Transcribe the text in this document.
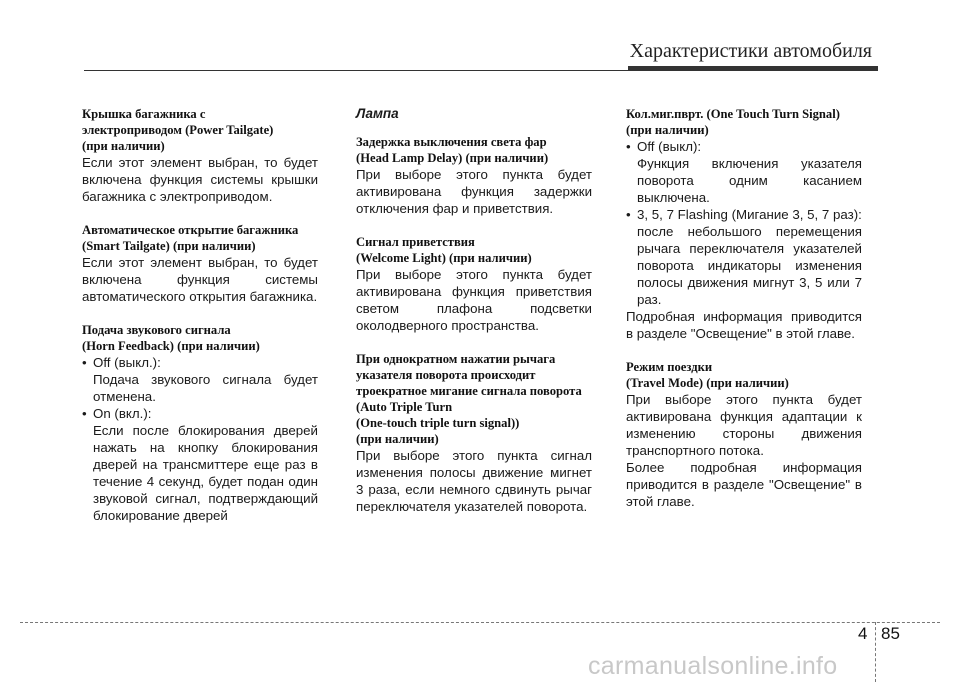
Характеристики автомобиля

Крышка багажника с
электроприводом (Power Tailgate)
(при наличии)

Если этот элемент выбран, то будет включена функция системы крышки багажника с электроприводом.

Автоматическое открытие багажника
(Smart Tailgate) (при наличии)

Если этот элемент выбран, то будет включена функция системы автоматического открытия багажника.

Подача звукового сигнала
(Horn Feedback) (при наличии)

• Off (выкл.):

Подача звукового сигнала будет отменена.

• On (вкл.):

Если после блокирования дверей нажать на кнопку блокирования дверей на трансмиттере еще раз в течение 4 секунд, будет подан один звуковой сигнал, подтверждающий блокирование дверей

Лампа

Задержка выключения света фар
(Head Lamp Delay) (при наличии)

При выборе этого пункта будет активирована функция задержки отключения фар и приветствия.

Сигнал приветствия
(Welcome Light) (при наличии)

При выборе этого пункта будет активирована функция приветствия светом плафона подсветки околодверного пространства.

При однократном нажатии рычага
указателя поворота происходит
троекратное мигание сигнала поворота
(Auto Triple Turn
(One-touch triple turn signal))
(при наличии)

При выборе этого пункта сигнал изменения полосы движение мигнет 3 раза, если немного сдвинуть рычаг переключателя указателей поворота.

Кол.миг.пврт. (One Touch Turn Signal)
(при наличии)

• Off (выкл):

Функция включения указателя поворота одним касанием выключена.

• 3, 5, 7 Flashing (Мигание 3, 5, 7 раз):

после небольшого перемещения рычага переключателя указателей поворота индикаторы изменения полосы движения мигнут 3, 5 или 7 раз.

Подробная информация приводится в разделе "Освещение" в этой главе.

Режим поездки
(Travel Mode) (при наличии)

При выборе этого пункта будет активирована функция адаптации к изменению стороны движения транспортного потока.

Более подробная информация приводится в разделе "Освещение" в этой главе.

4 85
carmanualsonline.info
